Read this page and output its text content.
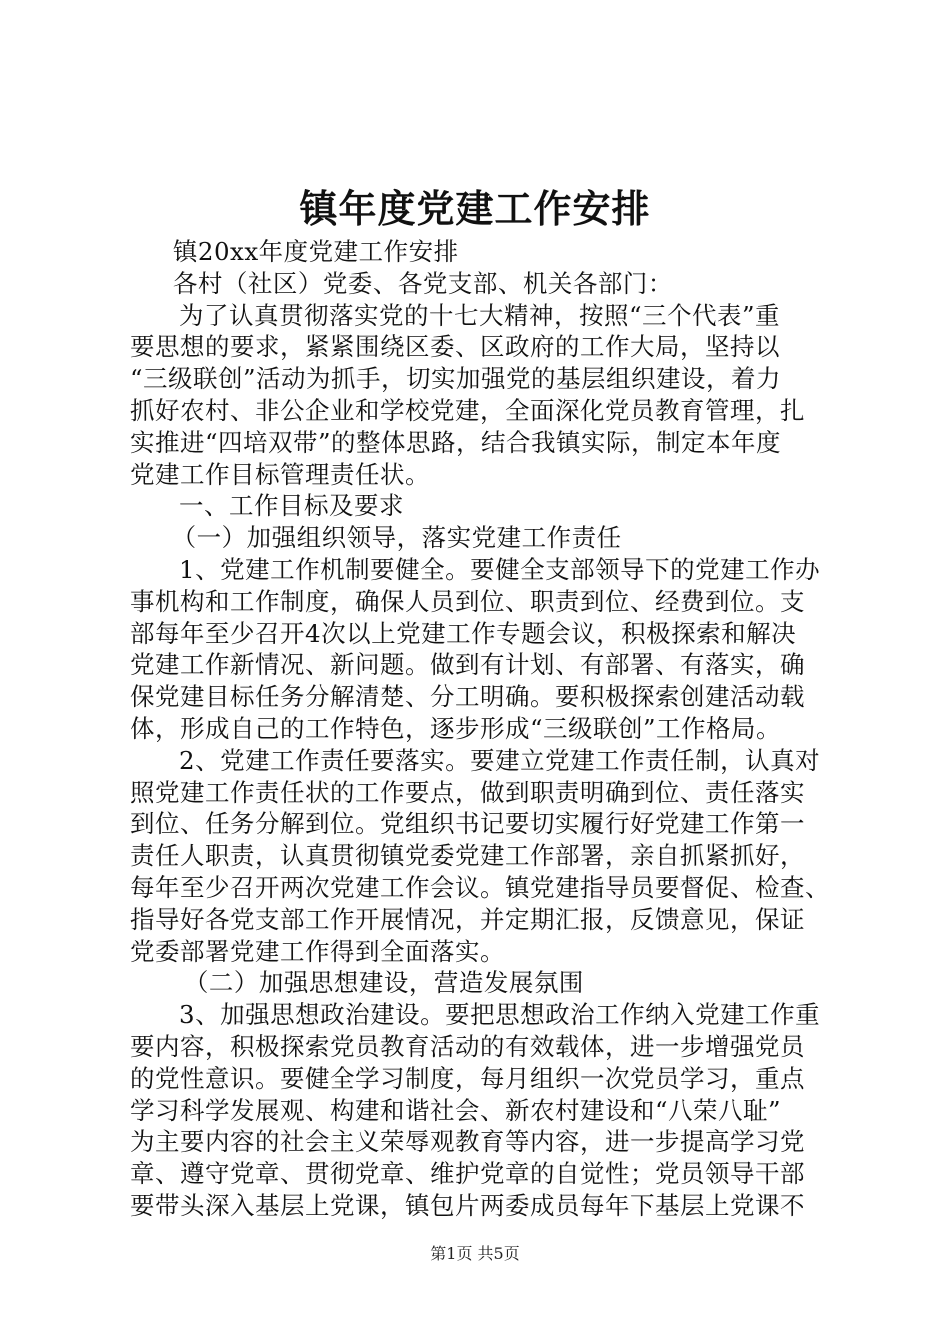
镇年度党建工作安排
镇20xx年度党建工作安排
各村（社区）党委、各党支部、机关各部门：
为了认真贯彻落实党的十七大精神，按照“三个代表”重
要思想的要求，紧紧围绕区委、区政府的工作大局，坚持以
“三级联创”活动为抓手，切实加强党的基层组织建设，着力
抓好农村、非公企业和学校党建，全面深化党员教育管理，扎
实推进“四培双带”的整体思路，结合我镇实际，制定本年度
党建工作目标管理责任状。
一、工作目标及要求
（一）加强组织领导，落实党建工作责任
1、党建工作机制要健全。要健全支部领导下的党建工作办
事机构和工作制度，确保人员到位、职责到位、经费到位。支
部每年至少召开4次以上党建工作专题会议，积极探索和解决
党建工作新情况、新问题。做到有计划、有部署、有落实，确
保党建目标任务分解清楚、分工明确。要积极探索创建活动载
体，形成自己的工作特色，逐步形成“三级联创”工作格局。
2、党建工作责任要落实。要建立党建工作责任制，认真对
照党建工作责任状的工作要点，做到职责明确到位、责任落实
到位、任务分解到位。党组织书记要切实履行好党建工作第一
责任人职责，认真贯彻镇党委党建工作部署，亲自抓紧抓好，
每年至少召开两次党建工作会议。镇党建指导员要督促、检查、
指导好各党支部工作开展情况，并定期汇报，反馈意见，保证
党委部署党建工作得到全面落实。
（二）加强思想建设，营造发展氛围
3、加强思想政治建设。要把思想政治工作纳入党建工作重
要内容，积极探索党员教育活动的有效载体，进一步增强党员
的党性意识。要健全学习制度，每月组织一次党员学习，重点
学习科学发展观、构建和谐社会、新农村建设和“八荣八耻”
为主要内容的社会主义荣辱观教育等内容，进一步提高学习党
章、遵守党章、贯彻党章、维护党章的自觉性；党员领导干部
要带头深入基层上党课，镇包片两委成员每年下基层上党课不
第1页 共5页
